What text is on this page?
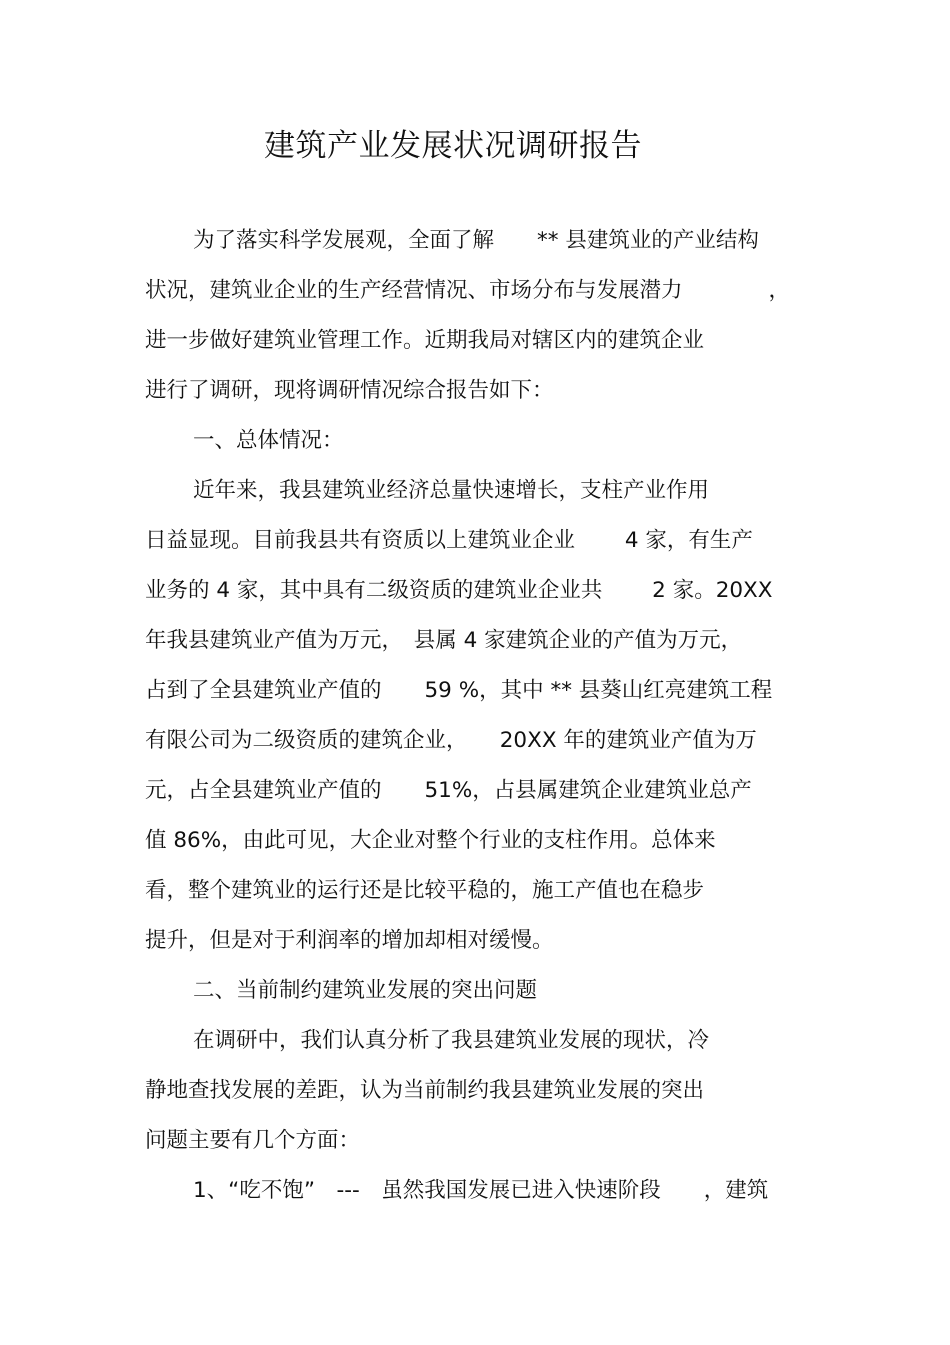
建筑产业发展状况调研报告
为了落实科学发展观，全面了解　　** 县建筑业的产业结构
状况，建筑业企业的生产经营情况、市场分布与发展潜力　　　　，
进一步做好建筑业管理工作。近期我局对辖区内的建筑企业
进行了调研，现将调研情况综合报告如下：
一、总体情况：
近年来，我县建筑业经济总量快速增长，支柱产业作用
日益显现。目前我县共有资质以上建筑业企业　　 4 家，有生产
业务的 4 家，其中具有二级资质的建筑业企业共　　 2 家。20XX
年我县建筑业产值为万元，　县属 4 家建筑企业的产值为万元，
占到了全县建筑业产值的　　59 %，其中 ** 县葵山红亮建筑工程
有限公司为二级资质的建筑企业，　　20XX 年的建筑业产值为万
元，占全县建筑业产值的　　51%，占县属建筑企业建筑业总产
值 86%，由此可见，大企业对整个行业的支柱作用。总体来
看，整个建筑业的运行还是比较平稳的，施工产值也在稳步
提升，但是对于利润率的增加却相对缓慢。
二、当前制约建筑业发展的突出问题
在调研中，我们认真分析了我县建筑业发展的现状，冷
静地查找发展的差距，认为当前制约我县建筑业发展的突出
问题主要有几个方面：
1、“吃不饱”　---　虽然我国发展已进入快速阶段　　，建筑
